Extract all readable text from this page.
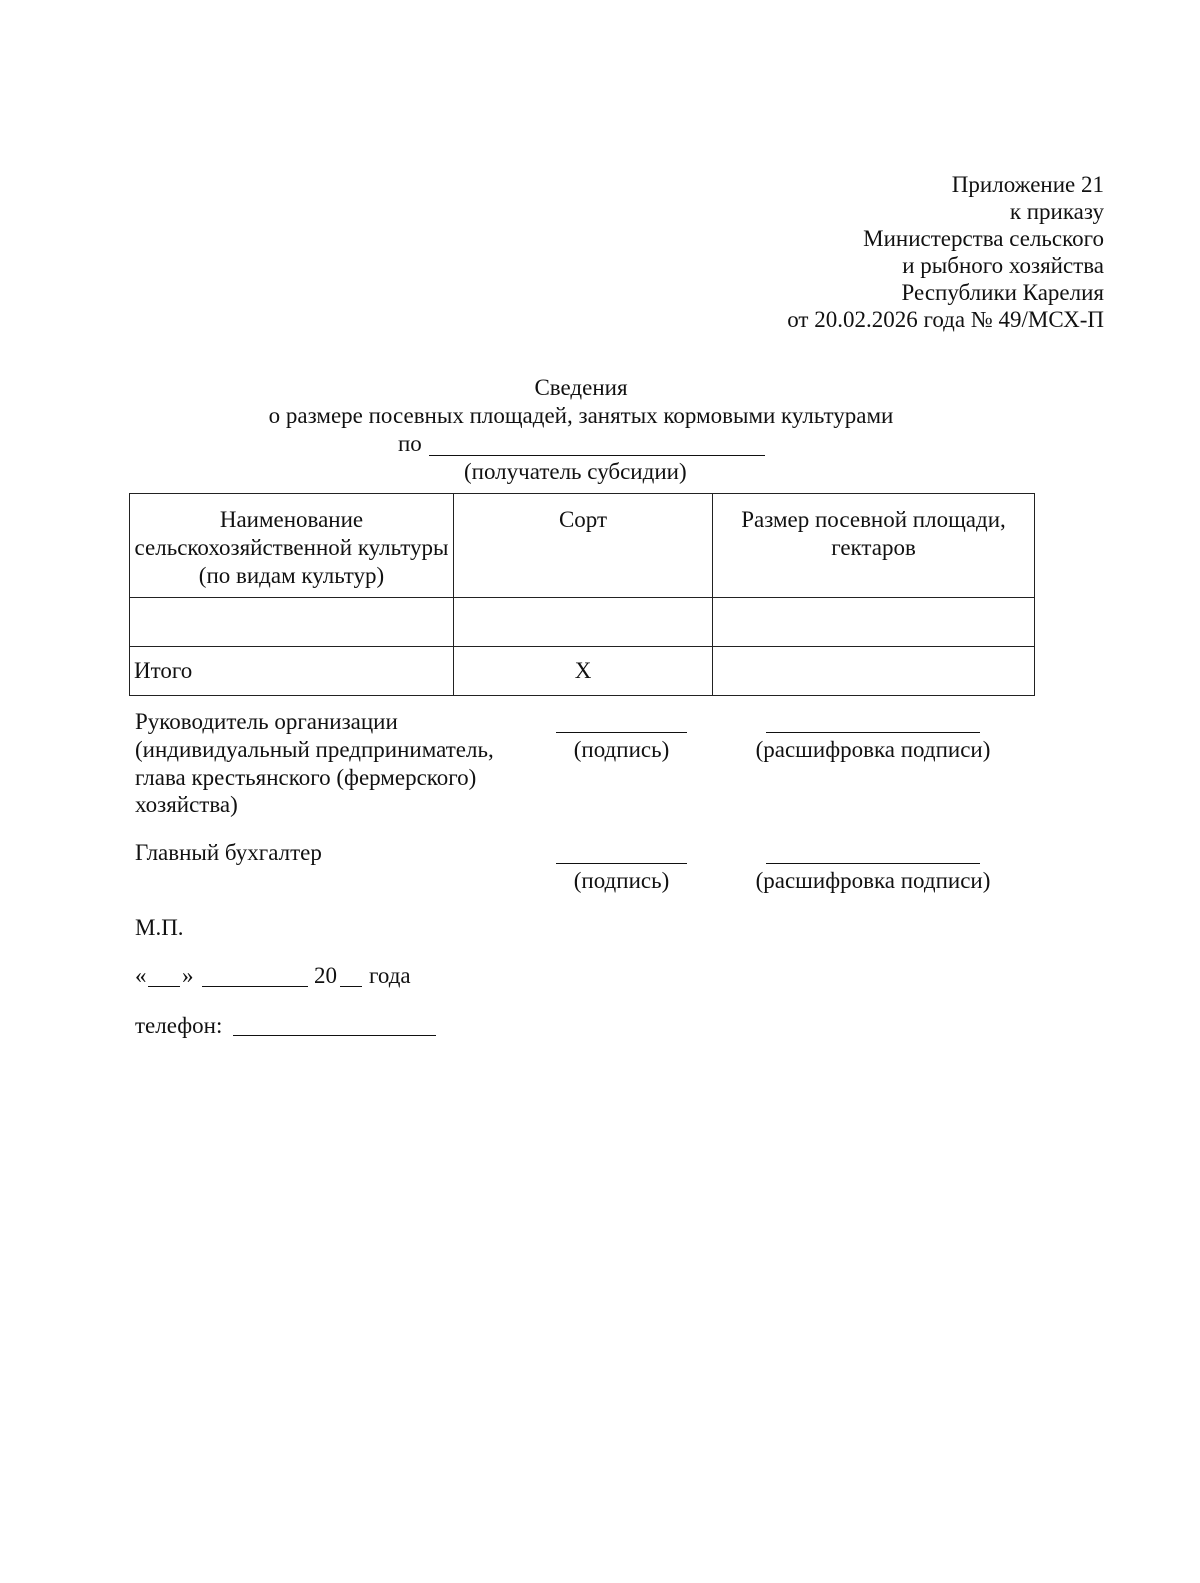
Приложение 21
к приказу
Министерства сельского
и рыбного хозяйства
Республики Карелия
от 20.02.2026 года № 49/МСХ-П
Сведения
о размере посевных площадей, занятых кормовыми культурами
по
(получатель субсидии)
Наименование сельскохозяйственной культуры (по видам культур)	Сорт	Размер посевной площади, гектаров

Итого	Х	
Руководитель организации
(индивидуальный предприниматель,
глава крестьянского (фермерского)
хозяйства)
(подпись)	(расшифровка подписи)
Главный бухгалтер
(подпись)	(расшифровка подписи)
М.П.
« »	20 года
телефон:
